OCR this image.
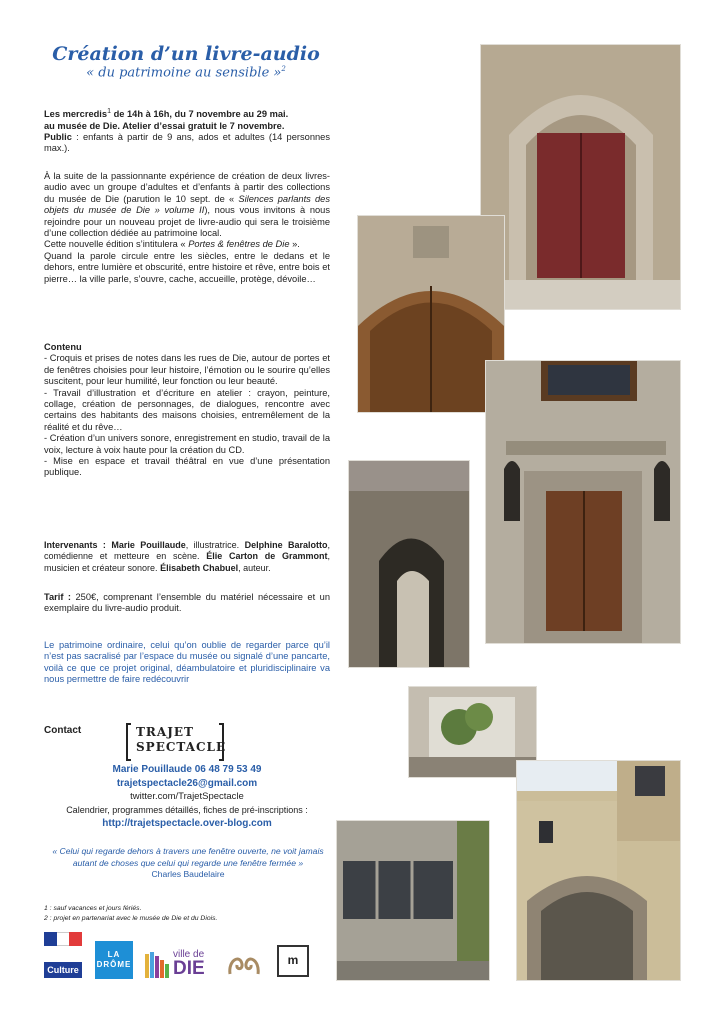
Création d’un livre-audio
« du patrimoine au sensible »$^2$
Les mercredis$^1$ de 14h à 16h, du 7 novembre au 29 mai.
au musée de Die. Atelier d’essai gratuit le 7 novembre.
Public : enfants à partir de 9 ans, ados et adultes (14 personnes max.).
À la suite de la passionnante expérience de création de deux livres-audio avec un groupe d’adultes et d’enfants à partir des collections du musée de Die (parution le 10 sept. de « Silences parlants des objets du musée de Die » volume II), nous vous invitons à nous rejoindre pour un nouveau projet de livre-audio qui sera le troisième d’une collection dédiée au patrimoine local.
Cette nouvelle édition s’intitulera « Portes & fenêtres de Die ».
Quand la parole circule entre les siècles, entre le dedans et le dehors, entre lumière et obscurité, entre histoire et rêve, entre bois et pierre… la ville parle, s’ouvre, cache, accueille, protège, dévoile…
Contenu
- Croquis et prises de notes dans les rues de Die, autour de portes et de fenêtres choisies pour leur histoire, l’émotion ou le sourire qu’elles suscitent, pour leur humilité, leur fonction ou leur beauté.
- Travail d’illustration et d’écriture en atelier : crayon, peinture, collage, création de personnages, de dialogues, rencontre avec certains des habitants des maisons choisies, entremêlement de la réalité et du rêve…
- Création d’un univers sonore, enregistrement en studio, travail de la voix, lecture à voix haute pour la création du CD.
- Mise en espace et travail théâtral en vue d’une présentation publique.
Intervenants : Marie Pouillaude, illustratrice. Delphine Baralotto, comédienne et metteure en scène. Élie Carton de Grammont, musicien et créateur sonore. Élisabeth Chabuel, auteur.
Tarif : 250€, comprenant l’ensemble du matériel nécessaire et un exemplaire du livre-audio produit.
Le patrimoine ordinaire, celui qu’on oublie de regarder parce qu’il n’est pas sacralisé par l’espace du musée ou signalé d’une pancarte, voilà ce que ce projet original, déambulatoire et pluridisciplinaire va nous permettre de faire redécouvrir
Contact	TRAJET
SPECTACLE
Marie Pouillaude 06 48 79 53 49
trajetspectacle26@gmail.com
twitter.com/TrajetSpectacle
Calendrier, programmes détaillés, fiches de pré-inscriptions :
http://trajetspectacle.over-blog.com
« Celui qui regarde dehors à travers une fenêtre ouverte, ne voit jamais autant de choses que celui qui regarde une fenêtre fermée »
Charles Baudelaire
1 : sauf vacances et jours fériés.
2 : projet en partenariat avec le musée de Die et du Diois.

Culture
LA DRÔME
ville de
DIE	m
